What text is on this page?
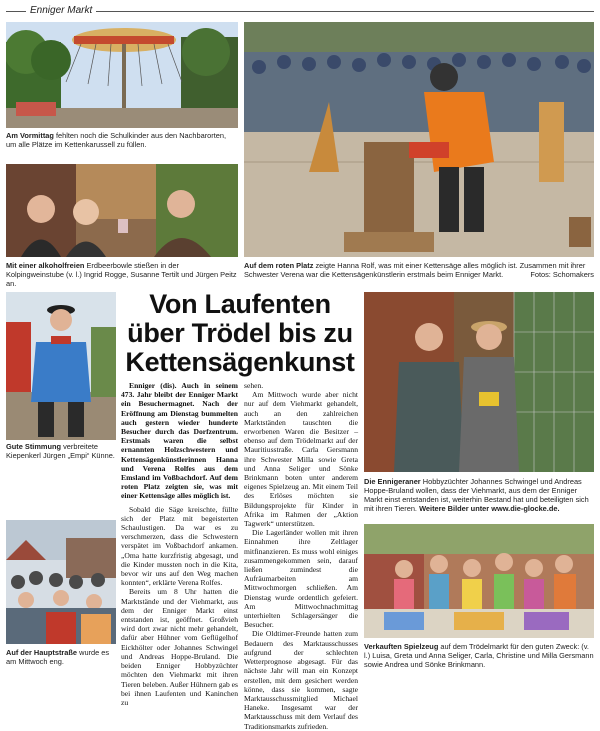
Enniger Markt
Am Vormittag fehlten noch die Schulkinder aus den Nachbarorten, um alle Plätze im Kettenkarussell zu füllen.
Mit einer alkoholfreien Erdbeerbowle stießen in der Kolpingweinstube (v. l.) Ingrid Rogge, Susanne Tertilt und Jürgen Peitz an.
Auf dem roten Platz zeigte Hanna Rolf, was mit einer Kettensäge alles möglich ist. Zusammen mit ihrer Schwester Verena war die Kettensägenkünstlerin erstmals beim Enniger Markt.	Fotos: Schomakers
Gute Stimmung verbreitete Kiepenkerl Jürgen „Empi“ Künne.
Auf der Hauptstraße wurde es am Mittwoch eng.
Von Laufenten
über Trödel bis zu
Kettensägenkunst

Enniger (dis). Auch in seinem 473. Jahr bleibt der Enniger Markt ein Besuchermagnet. Nach der Eröffnung am Dienstag bummelten auch gestern wieder hunderte Besucher durch das Dorfzentrum. Erstmals waren die selbst ernannten Holzschwestern und Kettensägenkünstlerinnen Hanna und Verena Rolfes aus dem Emsland im Voßbachdorf. Auf dem roten Platz zeigten sie, was mit einer Kettensäge alles möglich ist.

Sobald die Säge kreischte, füllte sich der Platz mit begeisterten Schaulustigen. Da war es zu verschmerzen, dass die Schwestern verspätet im Voßbachdorf ankamen. „Oma hatte kurzfristig abgesagt, und die Kinder mussten noch in die Kita, bevor wir uns auf den Weg machen konnten“, erklärte Verena Rolfes.

Bereits um 8 Uhr hatten die Marktstände und der Viehmarkt, aus dem der Enniger Markt einst entstanden ist, geöffnet. Großvieh wird dort zwar nicht mehr gehandelt, dafür aber Hühner vom Geflügelhof Eickhölter oder Johannes Schwingel und Andreas Hoppe-Bruland. Die beiden Enniger Hobbyzüchter möchten den Viehmarkt mit ihren Tieren beleben. Außer Hühnern gab es bei ihnen Laufenten und Kaninchen zu

sehen.

Am Mittwoch wurde aber nicht nur auf dem Viehmarkt gehandelt, auch an den zahlreichen Marktständen tauschten die erworbenen Waren die Besitzer – ebenso auf dem Trödelmarkt auf der Mauritiusstraße. Carla Gersmann ihre Schwester Milla sowie Greta und Anna Seliger und Sönke Brinkmann boten unter anderem eigenes Spielzeug an. Mit einem Teil des Erlöses möchten sie Bildungsprojekte für Kinder in Afrika im Rahmen der „Aktion Tagwerk“ unterstützen.

Die Lagerländer wollen mit ihren Einnahmen ihre Zeltlager mitfinanzieren. Es muss wohl einiges zusammengekommen sein, darauf ließen zumindest die Aufräumarbeiten am Mittwochmorgen schließen. Am Dienstag wurde ordentlich gefeiert. Am Mittwochnachmittag unterhielten Schlagersänger die Besucher.

Die Oldtimer-Freunde hatten zum Bedauern des Marktausschusses aufgrund der schlechten Wetterprognose abgesagt. Für das nächste Jahr will man ein Konzept erstellen, mit dem gesichert werden könne, dass sie kommen, sagte Marktausschussmitglied Michael Haneke. Insgesamt war der Marktausschuss mit dem Verlauf des Traditionsmarkts zufrieden.

Die Ennigeraner Hobbyzüchter Johannes Schwingel und Andreas Hoppe-Bruland wollen, dass der Viehmarkt, aus dem der Enniger Markt einst entstanden ist, weiterhin Bestand hat und beteiligten sich mit ihren Tieren. Weitere Bilder unter www.die-glocke.de.
Verkauften Spielzeug auf dem Trödelmarkt für den guten Zweck: (v. l.) Luisa, Greta und Anna Seliger, Carla, Christine und Milla Gersmann sowie Andrea und Sönke Brinkmann.
